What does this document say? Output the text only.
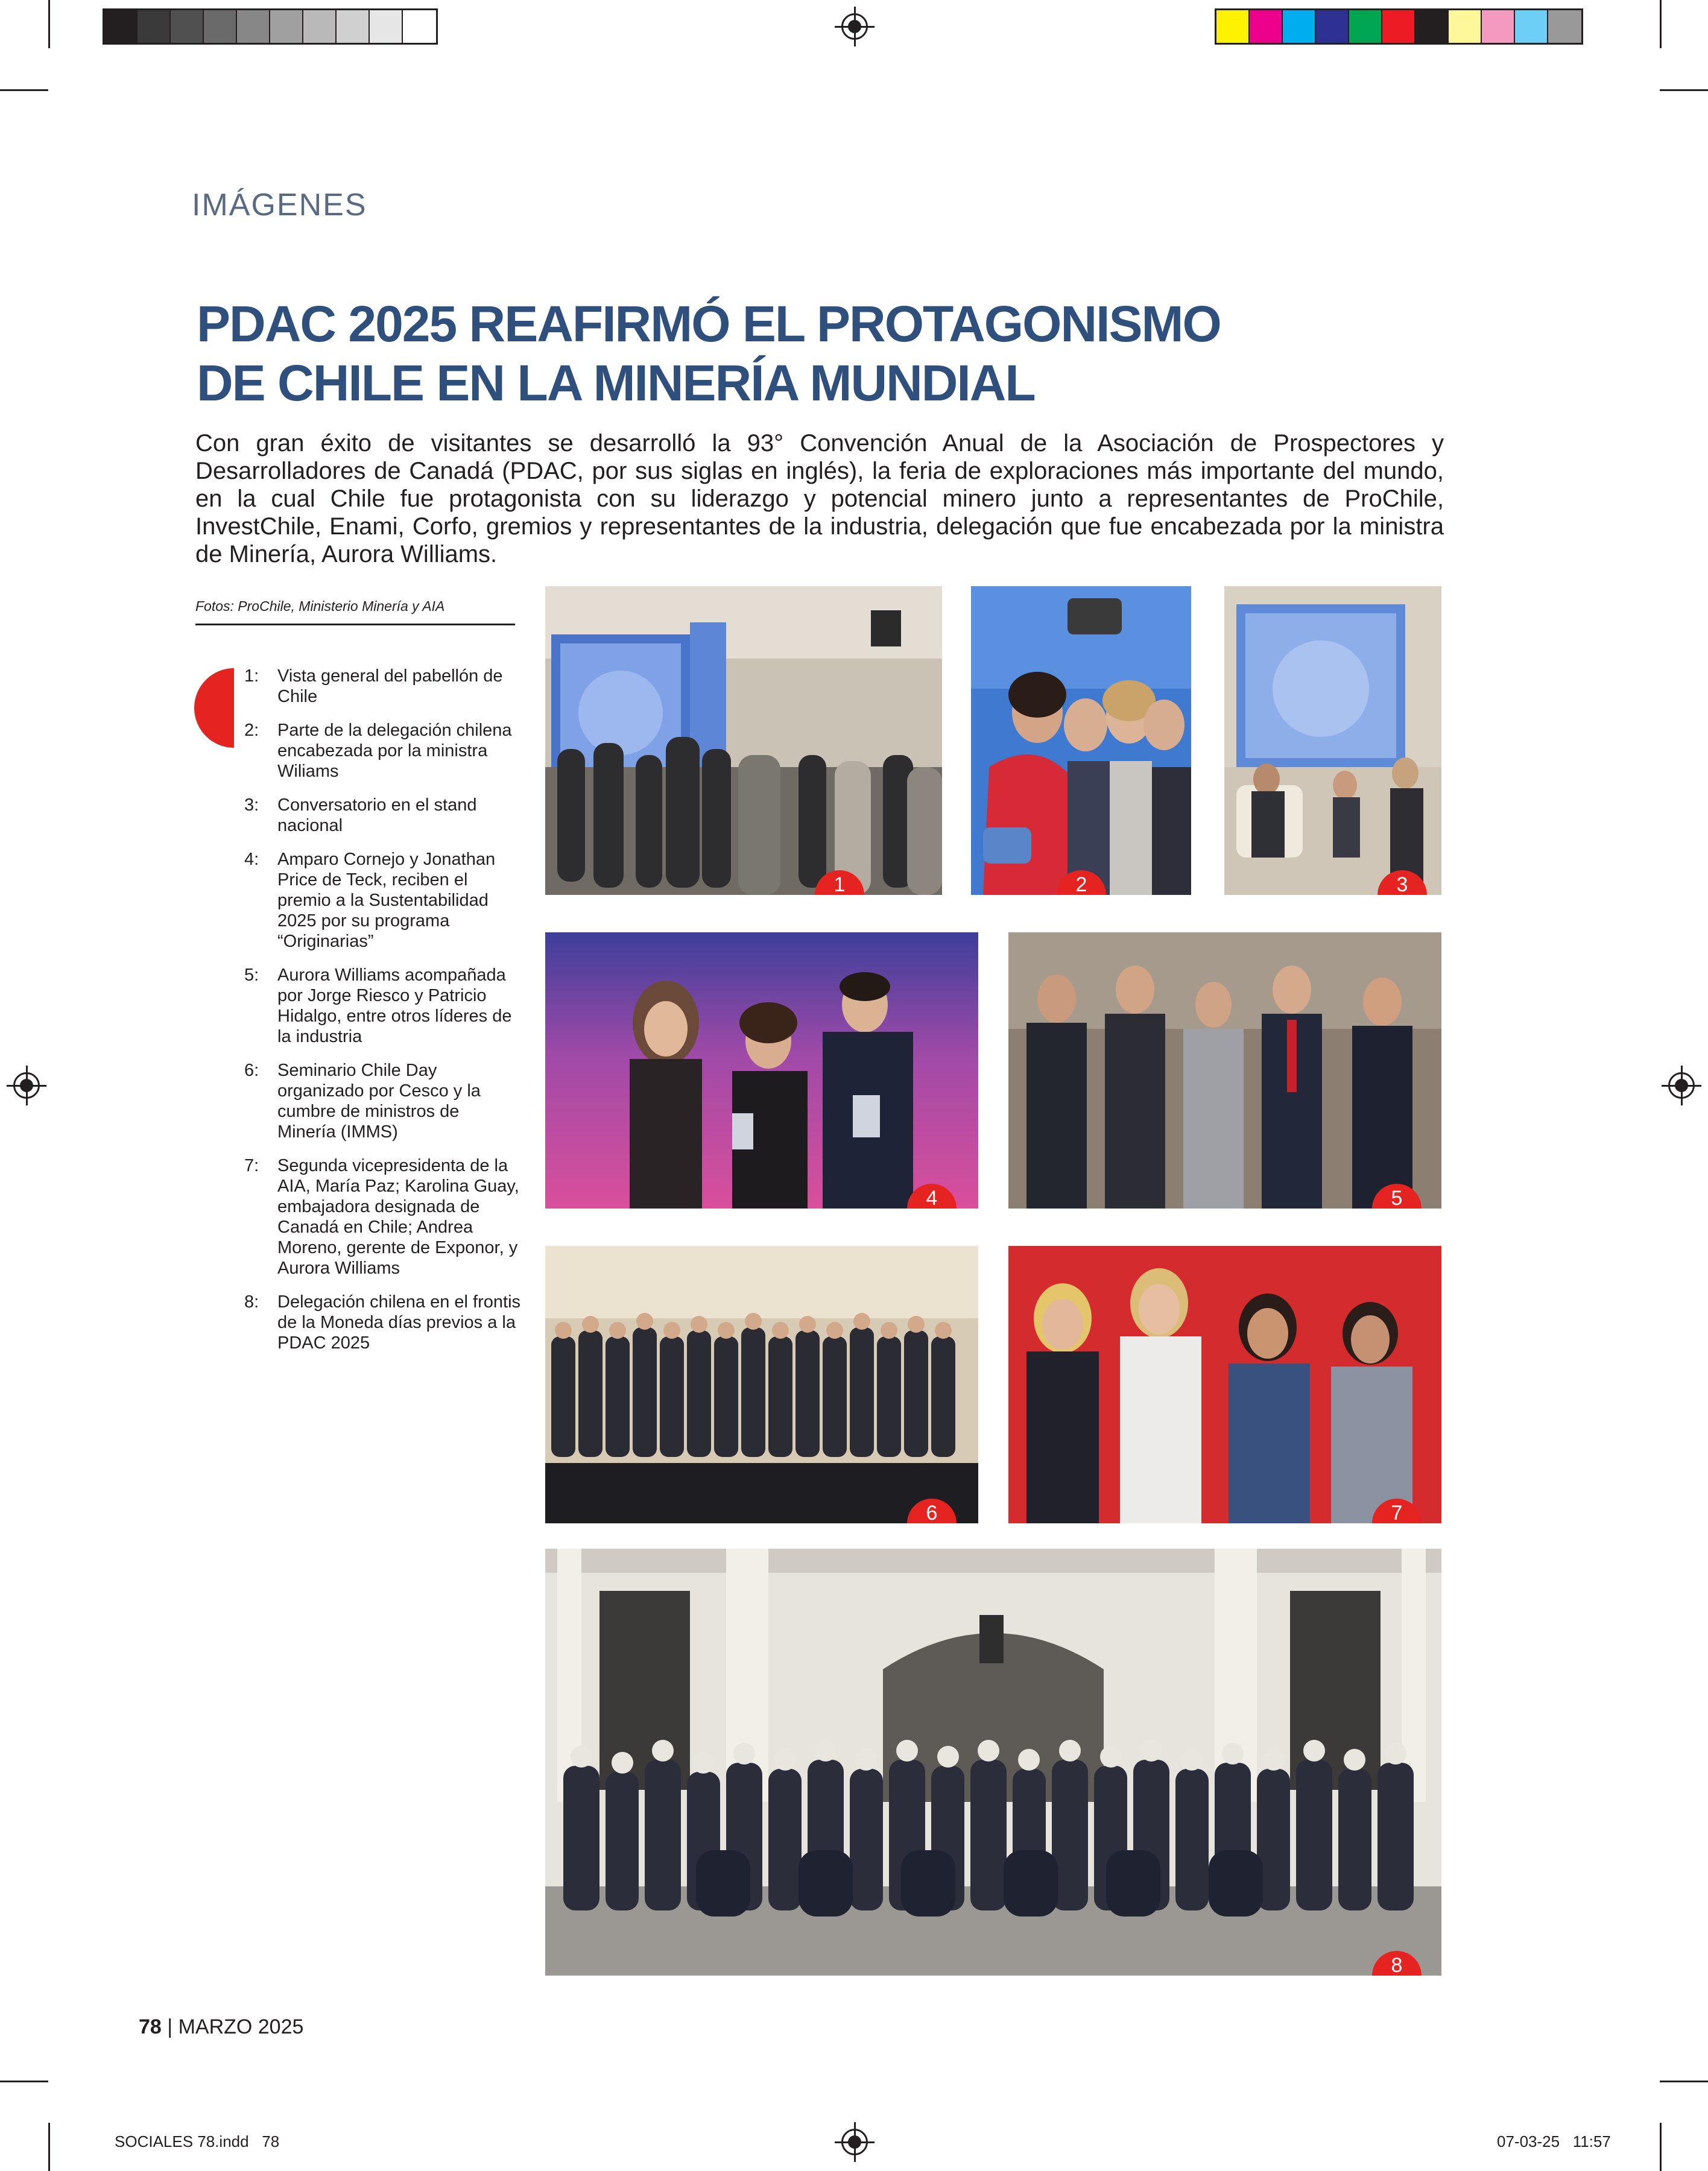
IMÁGENES
PDAC 2025 REAFIRMÓ EL PROTAGONISMO
DE CHILE EN LA MINERÍA MUNDIAL

Con gran éxito de visitantes se desarrolló la 93° Convención Anual de la Asociación de Prospectores y Desarrolladores de Canadá (PDAC, por sus siglas en inglés), la feria de exploraciones más importante del mundo, en la cual Chile fue protagonista con su liderazgo y potencial minero junto a representantes de ProChile, InvestChile, Enami, Corfo, gremios y representantes de la industria, delegación que fue encabezada por la ministra de Minería, Aurora Williams.

Fotos: ProChile, Ministerio Minería y AIA
1:	Vista general del pabellón de Chile
2:	Parte de la delegación chilena encabezada por la ministra Wiliams
3:	Conversatorio en el stand nacional
4:	Amparo Cornejo y Jonathan Price de Teck, reciben el premio a la Sustentabilidad 2025 por su programa “Originarias”
5:	Aurora Williams acompañada por Jorge Riesco y Patricio Hidalgo, entre otros líderes de la industria
6:	Seminario Chile Day organizado por Cesco y la cumbre de ministros de Minería (IMMS)
7:	Segunda vicepresidenta de la AIA, María Paz; Karolina Guay, embajadora designada de Canadá en Chile; Andrea Moreno, gerente de Exponor, y Aurora Williams
8:	Delegación chilena en el frontis de la Moneda días previos a la PDAC 2025
1	2	3
4	5
6	7
8
78 | MARZO 2025
SOCIALES 78.indd   78	07-03-25   11:57
